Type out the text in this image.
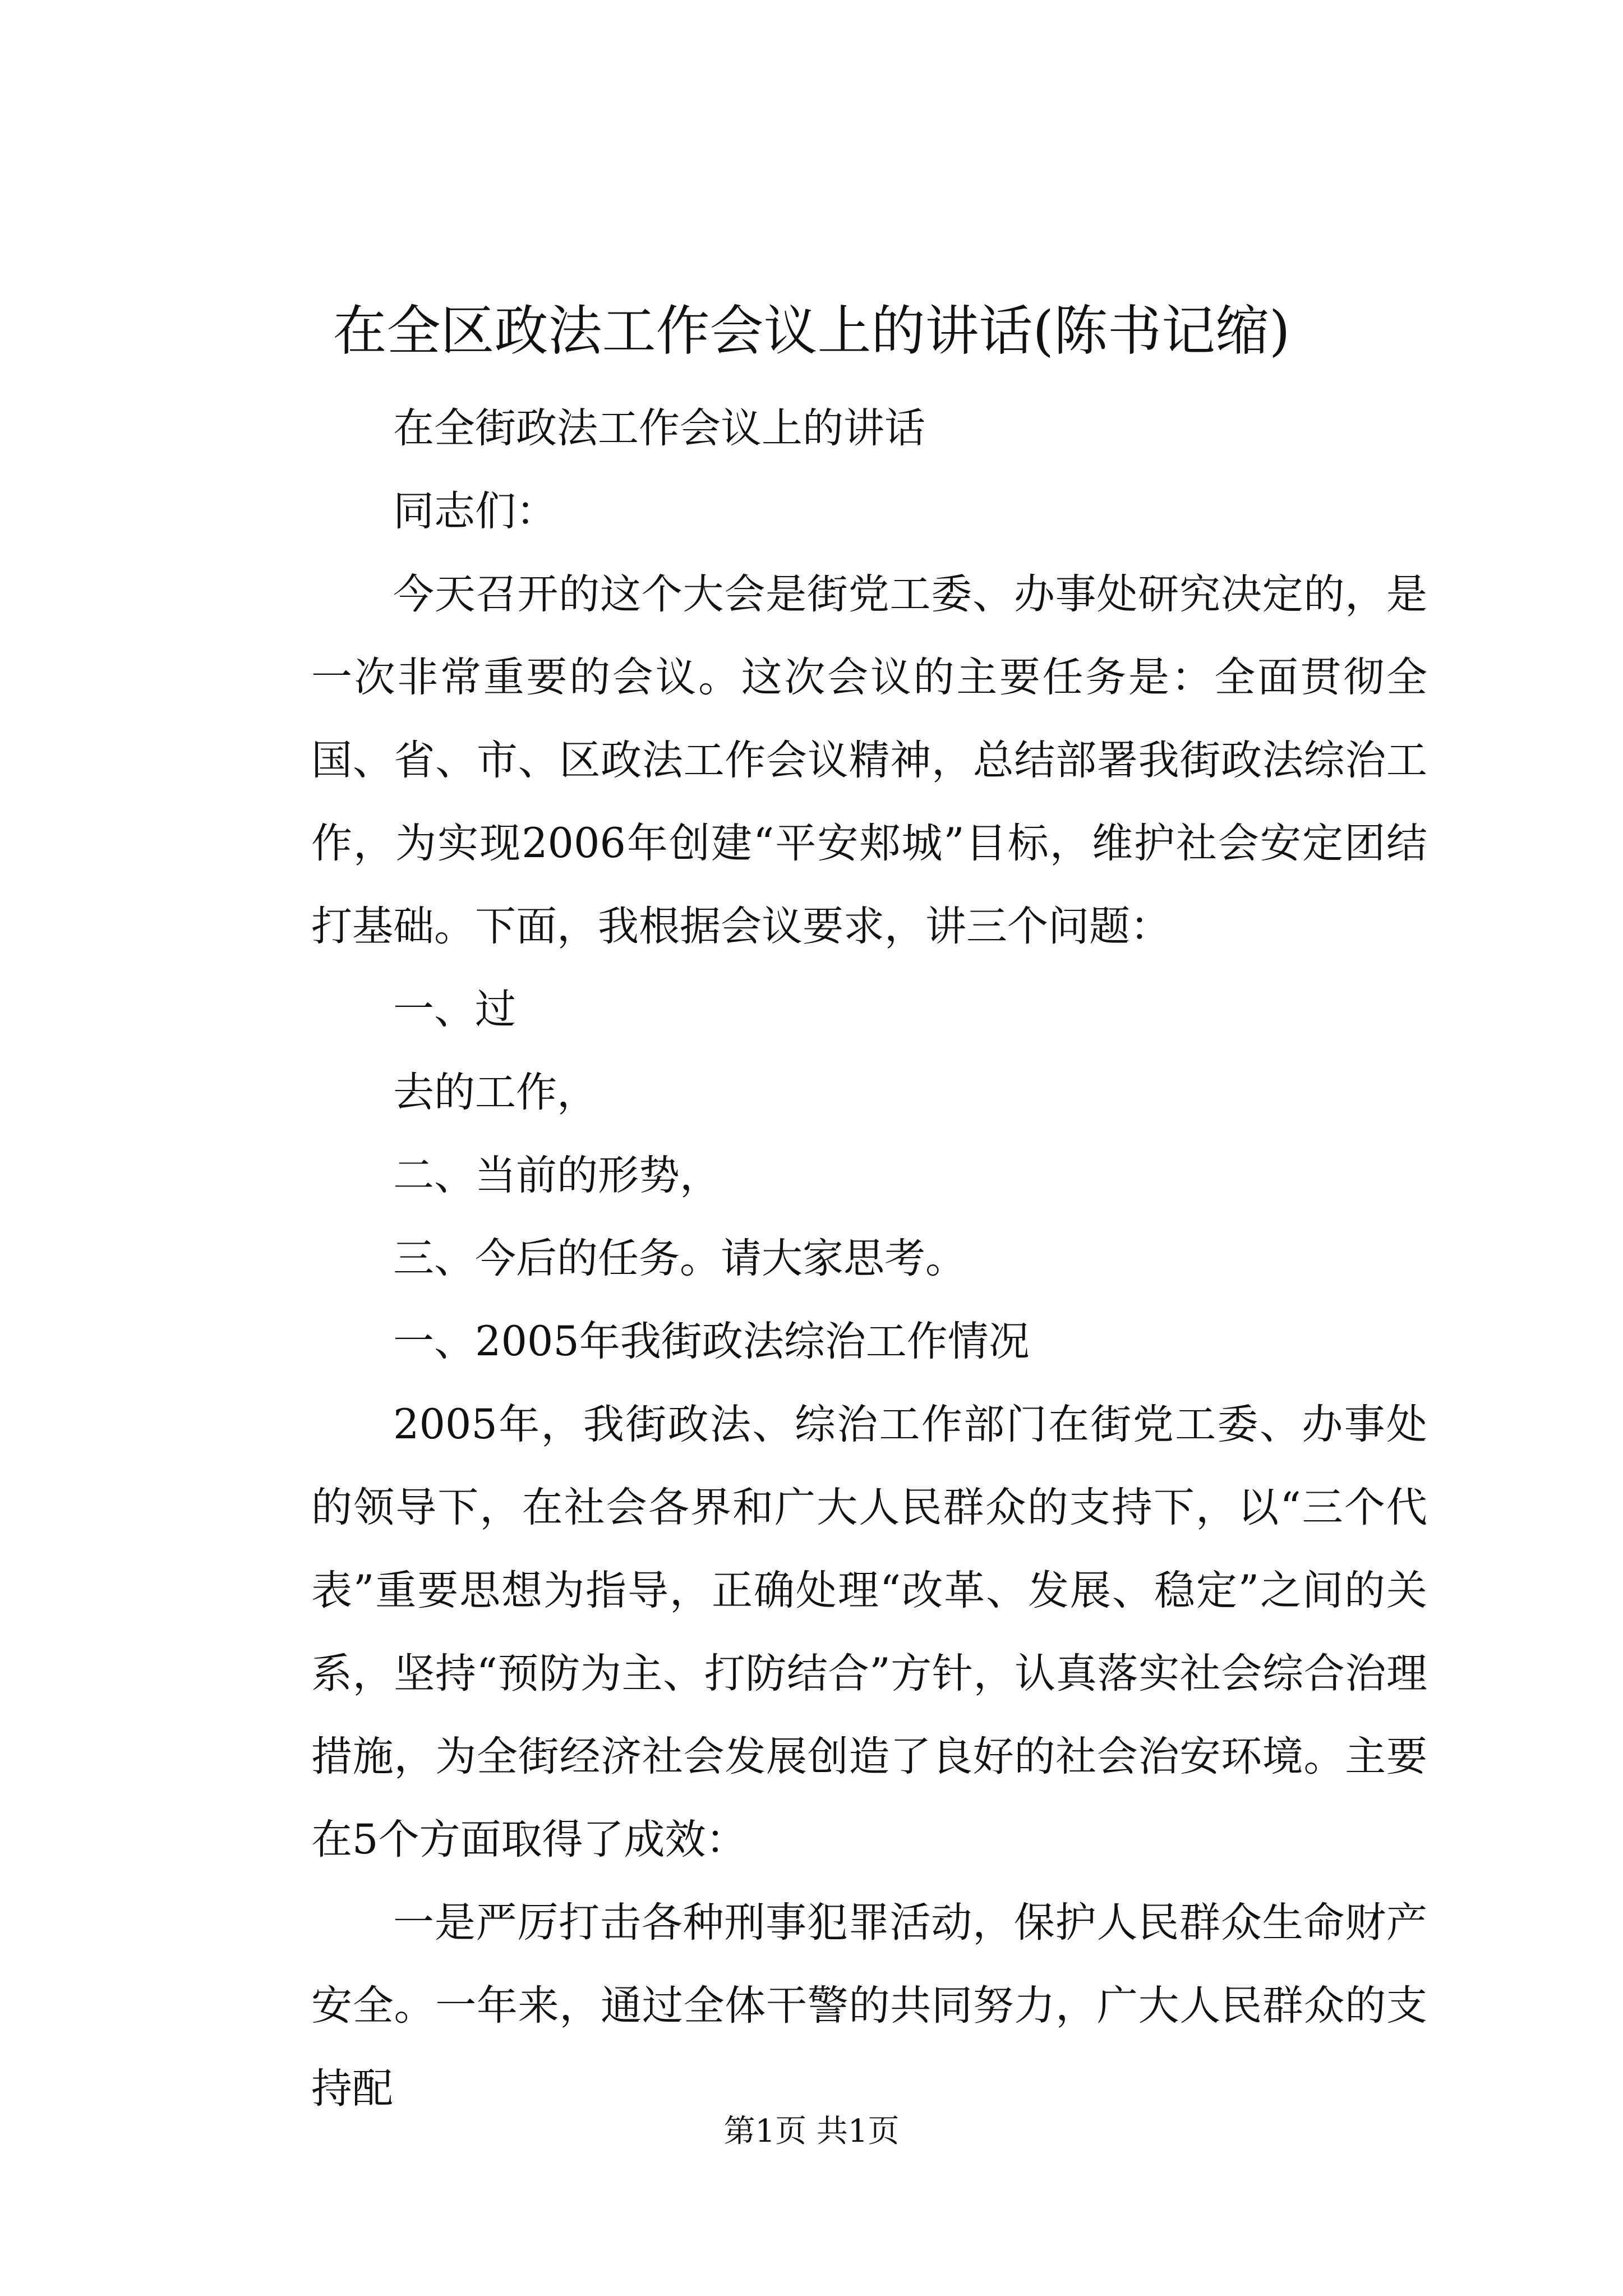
在全区政法工作会议上的讲话(陈书记缩)

在全街政法工作会议上的讲话

同志们：

今天召开的这个大会是街党工委、办事处研究决定的，是一次非常重要的会议。这次会议的主要任务是：全面贯彻全国、省、市、区政法工作会议精神，总结部署我街政法综治工作，为实现2006年创建“平安郏城”目标，维护社会安定团结打基础。下面，我根据会议要求，讲三个问题：

一、过

去的工作，

二、当前的形势，

三、今后的任务。请大家思考。

一、2005年我街政法综治工作情况

2005年，我街政法、综治工作部门在街党工委、办事处的领导下，在社会各界和广大人民群众的支持下，以“三个代表”重要思想为指导，正确处理“改革、发展、稳定”之间的关系，坚持“预防为主、打防结合”方针，认真落实社会综合治理措施，为全街经济社会发展创造了良好的社会治安环境。主要在5个方面取得了成效：

一是严厉打击各种刑事犯罪活动，保护人民群众生命财产安全。一年来，通过全体干警的共同努力，广大人民群众的支持配

第1页 共1页
